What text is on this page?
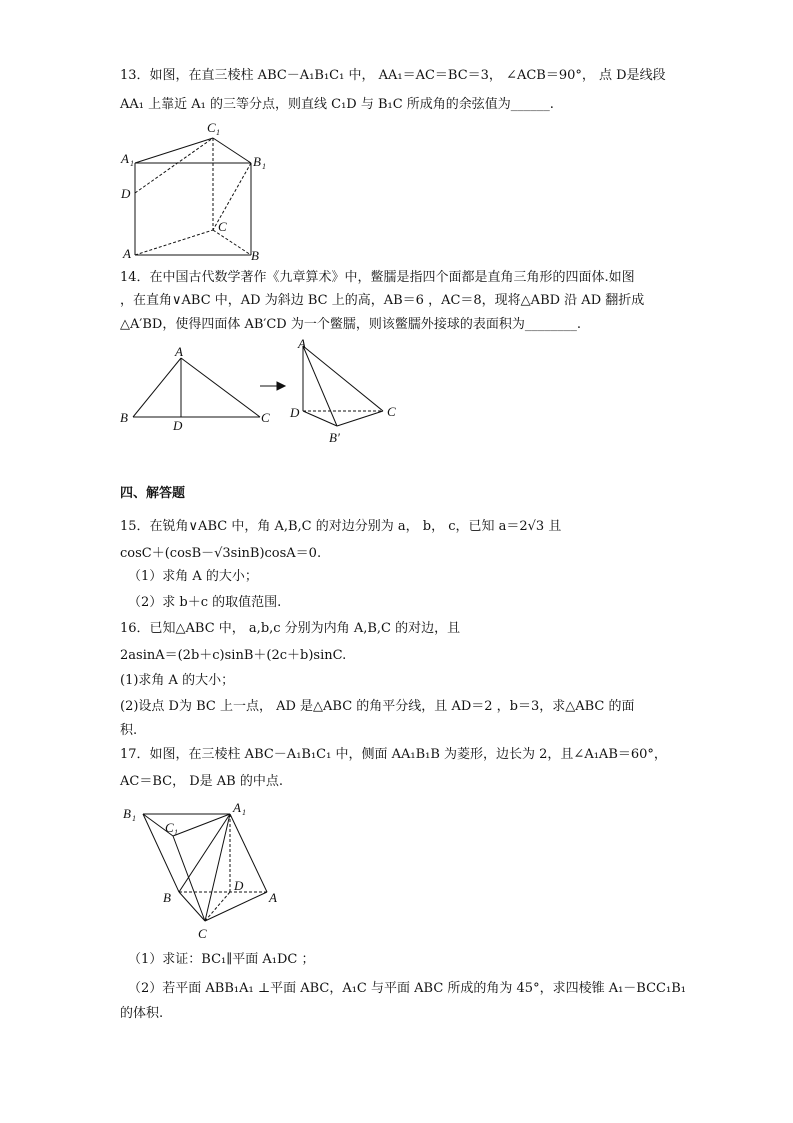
13．如图，在直三棱柱 ABC－A₁B₁C₁ 中， AA₁＝AC＝BC＝3， ∠ACB＝90°， 点 D是线段
AA₁ 上靠近 A₁ 的三等分点，则直线 C₁D 与 B₁C 所成角的余弦值为______.
C 1
A 1	B 1
D
C
A	B
14．在中国古代数学著作《九章算术》中，鳖臑是指四个面都是直角三角形的四面体.如图
，在直角∨ABC 中，AD 为斜边 BC 上的高，AB＝6 ，AC＝8，现将△ABD 沿 AD 翻折成
△A′BD，使得四面体 AB′CD 为一个鳖臑，则该鳖臑外接球的表面积为________.
A
B
D
C
A
D	C
B′
四、解答题
15．在锐角∨ABC 中，角 A,B,C 的对边分别为 a， b， c，已知 a＝2√3 且
cosC＋(cosB－√3sinB)cosA＝0.
（1）求角 A 的大小；
（2）求 b＋c 的取值范围.
16．已知△ABC 中， a,b,c 分别为内角 A,B,C 的对边，且
2asinA＝(2b＋c)sinB＋(2c＋b)sinC.
(1)求角 A 的大小；
(2)设点 D为 BC 上一点， AD 是△ABC 的角平分线，且 AD＝2 ，b＝3，求△ABC 的面
积.
17．如图，在三棱柱 ABC－A₁B₁C₁ 中，侧面 AA₁B₁B 为菱形，边长为 2，且∠A₁AB＝60°，
AC＝BC， D是 AB 的中点.
B 1
C 1
A 1
D
B	A
C
（1）求证：BC₁∥平面 A₁DC ；
（2）若平面 ABB₁A₁ ⊥平面 ABC，A₁C 与平面 ABC 所成的角为 45°，求四棱锥 A₁－BCC₁B₁
的体积.
